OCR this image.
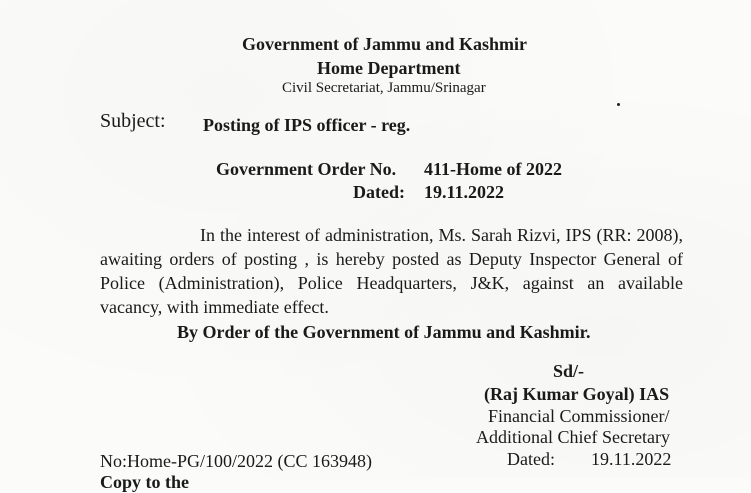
Government of Jammu and Kashmir
Home Department
Civil Secretariat, Jammu/Srinagar
Subject: Posting of IPS officer - reg.
Government Order No. 411-Home of 2022
Dated: 19.11.2022
In the interest of administration, Ms. Sarah Rizvi, IPS (RR: 2008), awaiting orders of posting , is hereby posted as Deputy Inspector General of Police (Administration), Police Headquarters, J&K, against an available vacancy, with immediate effect.
By Order of the Government of Jammu and Kashmir.
Sd/-
(Raj Kumar Goyal) IAS
Financial Commissioner/
Additional Chief Secretary
No:Home-PG/100/2022 (CC 163948)	Dated: 19.11.2022
Copy to the
